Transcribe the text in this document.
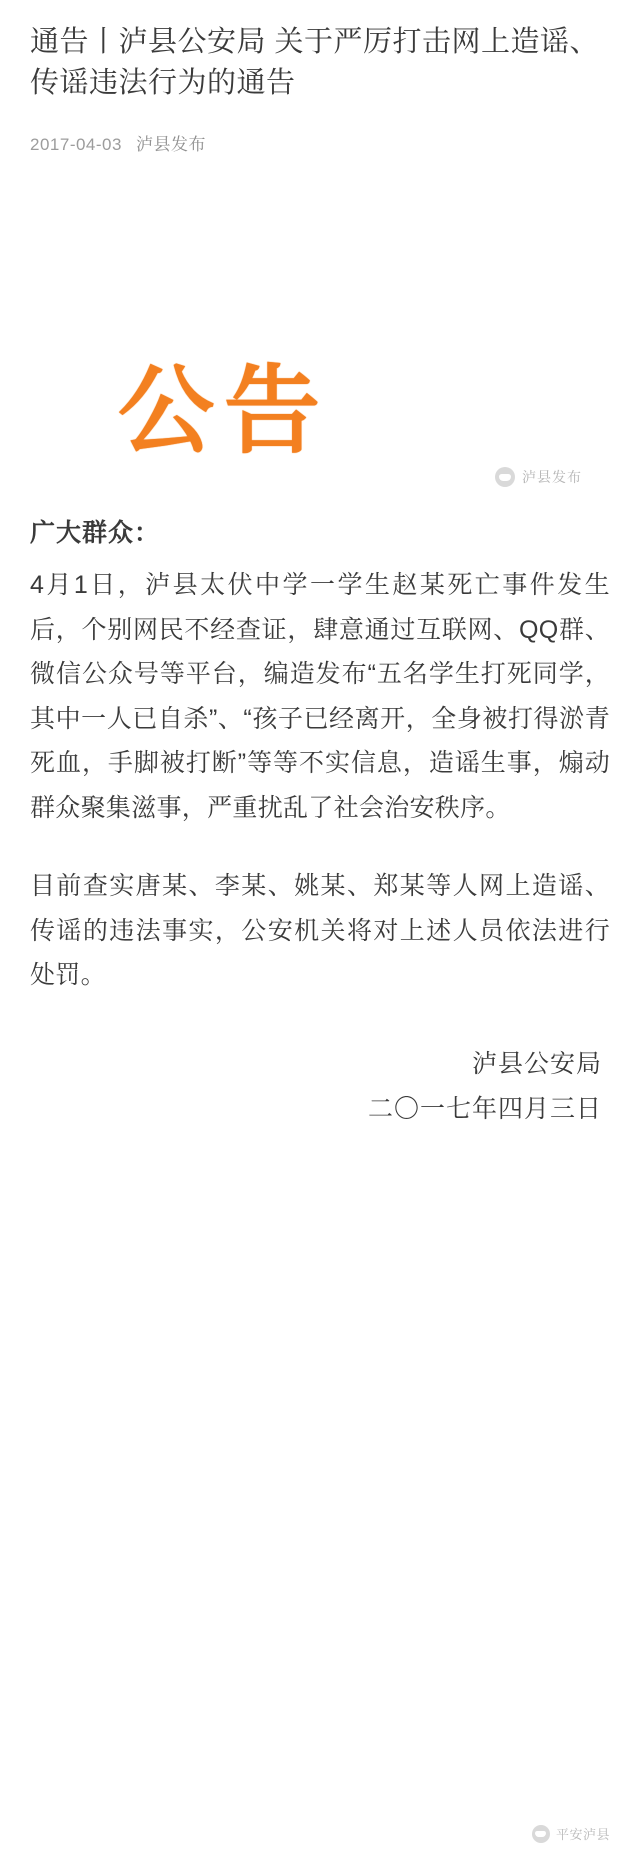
通告丨泸县公安局 关于严厉打击网上造谣、传谣违法行为的通告
2017-04-03 泸县发布
公告
泸县发布

广大群众：

4月1日，泸县太伏中学一学生赵某死亡事件发生后，个别网民不经查证，肆意通过互联网、QQ群、微信公众号等平台，编造发布“五名学生打死同学，其中一人已自杀”、“孩子已经离开，全身被打得淤青死血，手脚被打断”等等不实信息，造谣生事，煽动群众聚集滋事，严重扰乱了社会治安秩序。

目前查实唐某、李某、姚某、郑某等人网上造谣、传谣的违法事实，公安机关将对上述人员依法进行处罚。

泸县公安局
二〇一七年四月三日
平安泸县
